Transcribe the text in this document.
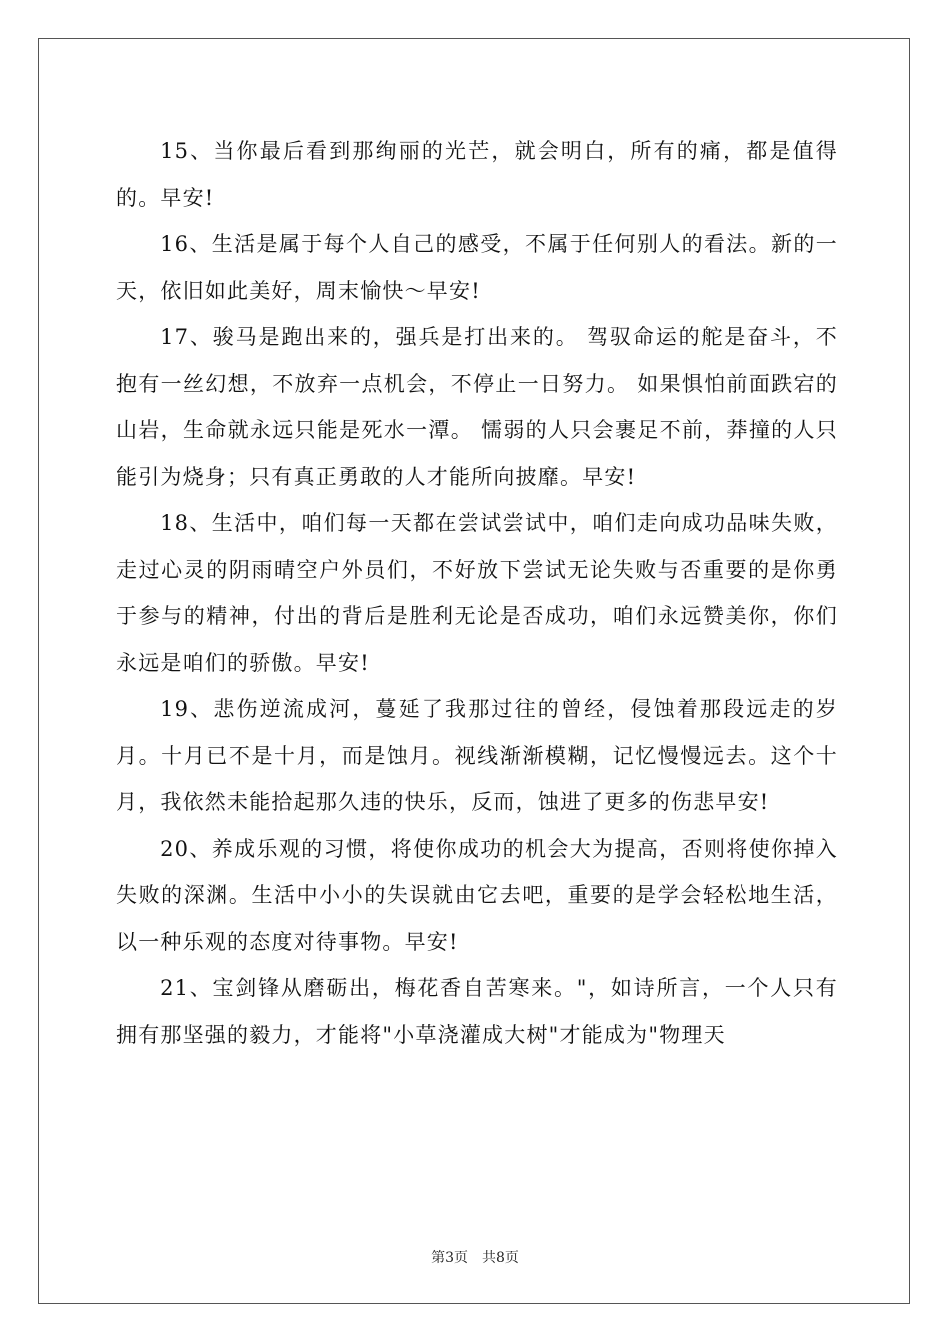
15、当你最后看到那绚丽的光芒，就会明白，所有的痛，都是值得的。早安!

16、生活是属于每个人自己的感受，不属于任何别人的看法。新的一天，依旧如此美好，周末愉快～早安!

17、骏马是跑出来的，强兵是打出来的。 驾驭命运的舵是奋斗，不抱有一丝幻想，不放弃一点机会，不停止一日努力。 如果惧怕前面跌宕的山岩，生命就永远只能是死水一潭。 懦弱的人只会裹足不前，莽撞的人只能引为烧身；只有真正勇敢的人才能所向披靡。早安!

18、生活中，咱们每一天都在尝试尝试中，咱们走向成功品味失败，走过心灵的阴雨晴空户外员们，不好放下尝试无论失败与否重要的是你勇于参与的精神，付出的背后是胜利无论是否成功，咱们永远赞美你，你们永远是咱们的骄傲。早安!

19、悲伤逆流成河，蔓延了我那过往的曾经，侵蚀着那段远走的岁月。十月已不是十月，而是蚀月。视线渐渐模糊，记忆慢慢远去。这个十月，我依然未能拾起那久违的快乐，反而，蚀进了更多的伤悲早安!

20、养成乐观的习惯，将使你成功的机会大为提高，否则将使你掉入失败的深渊。生活中小小的失误就由它去吧，重要的是学会轻松地生活，以一种乐观的态度对待事物。早安!

21、宝剑锋从磨砺出，梅花香自苦寒来。"，如诗所言，一个人只有拥有那坚强的毅力，才能将"小草浇灌成大树"才能成为"物理天

第3页　共8页
